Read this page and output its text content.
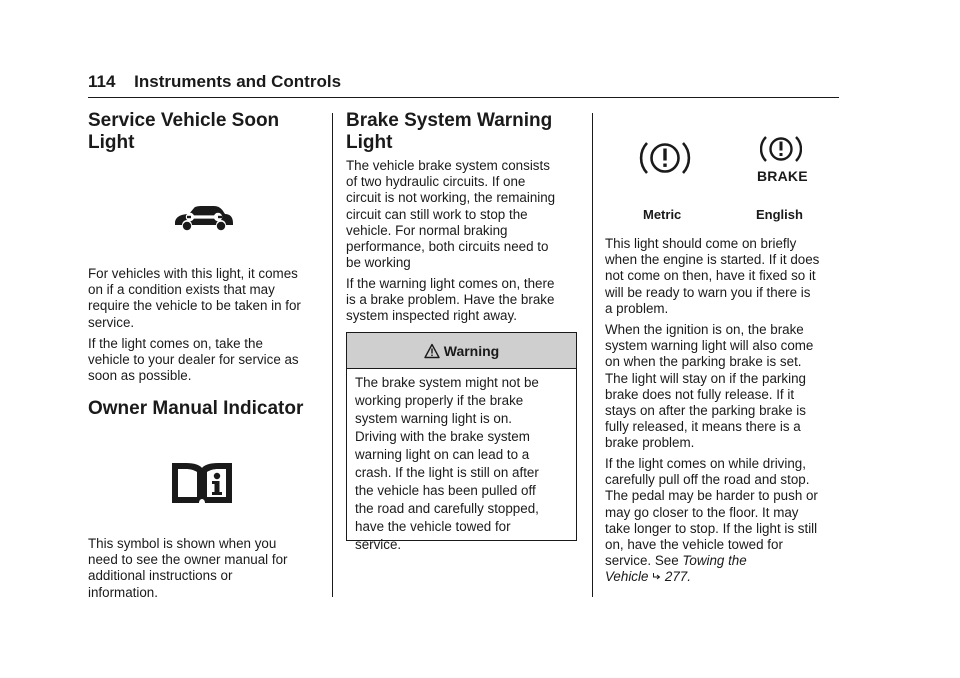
114 Instruments and Controls
Service Vehicle Soon
Light

For vehicles with this light, it comes
on if a condition exists that may
require the vehicle to be taken in for
service.

If the light comes on, take the
vehicle to your dealer for service as
soon as possible.

Owner Manual Indicator

This symbol is shown when you
need to see the owner manual for
additional instructions or
information.

Brake System Warning
Light

The vehicle brake system consists
of two hydraulic circuits. If one
circuit is not working, the remaining
circuit can still work to stop the
vehicle. For normal braking
performance, both circuits need to
be working

If the warning light comes on, there
is a brake problem. Have the brake
system inspected right away.

Warning
The brake system might not be
working properly if the brake
system warning light is on.
Driving with the brake system
warning light on can lead to a
crash. If the light is still on after
the vehicle has been pulled off
the road and carefully stopped,
have the vehicle towed for
service.
BRAKE
Metric	English

This light should come on briefly
when the engine is started. If it does
not come on then, have it fixed so it
will be ready to warn you if there is
a problem.

When the ignition is on, the brake
system warning light will also come
on when the parking brake is set.
The light will stay on if the parking
brake does not fully release. If it
stays on after the parking brake is
fully released, it means there is a
brake problem.

If the light comes on while driving,
carefully pull off the road and stop.
The pedal may be harder to push or
may go closer to the floor. It may
take longer to stop. If the light is still
on, have the vehicle towed for
service. See Towing the
Vehicle 277.
